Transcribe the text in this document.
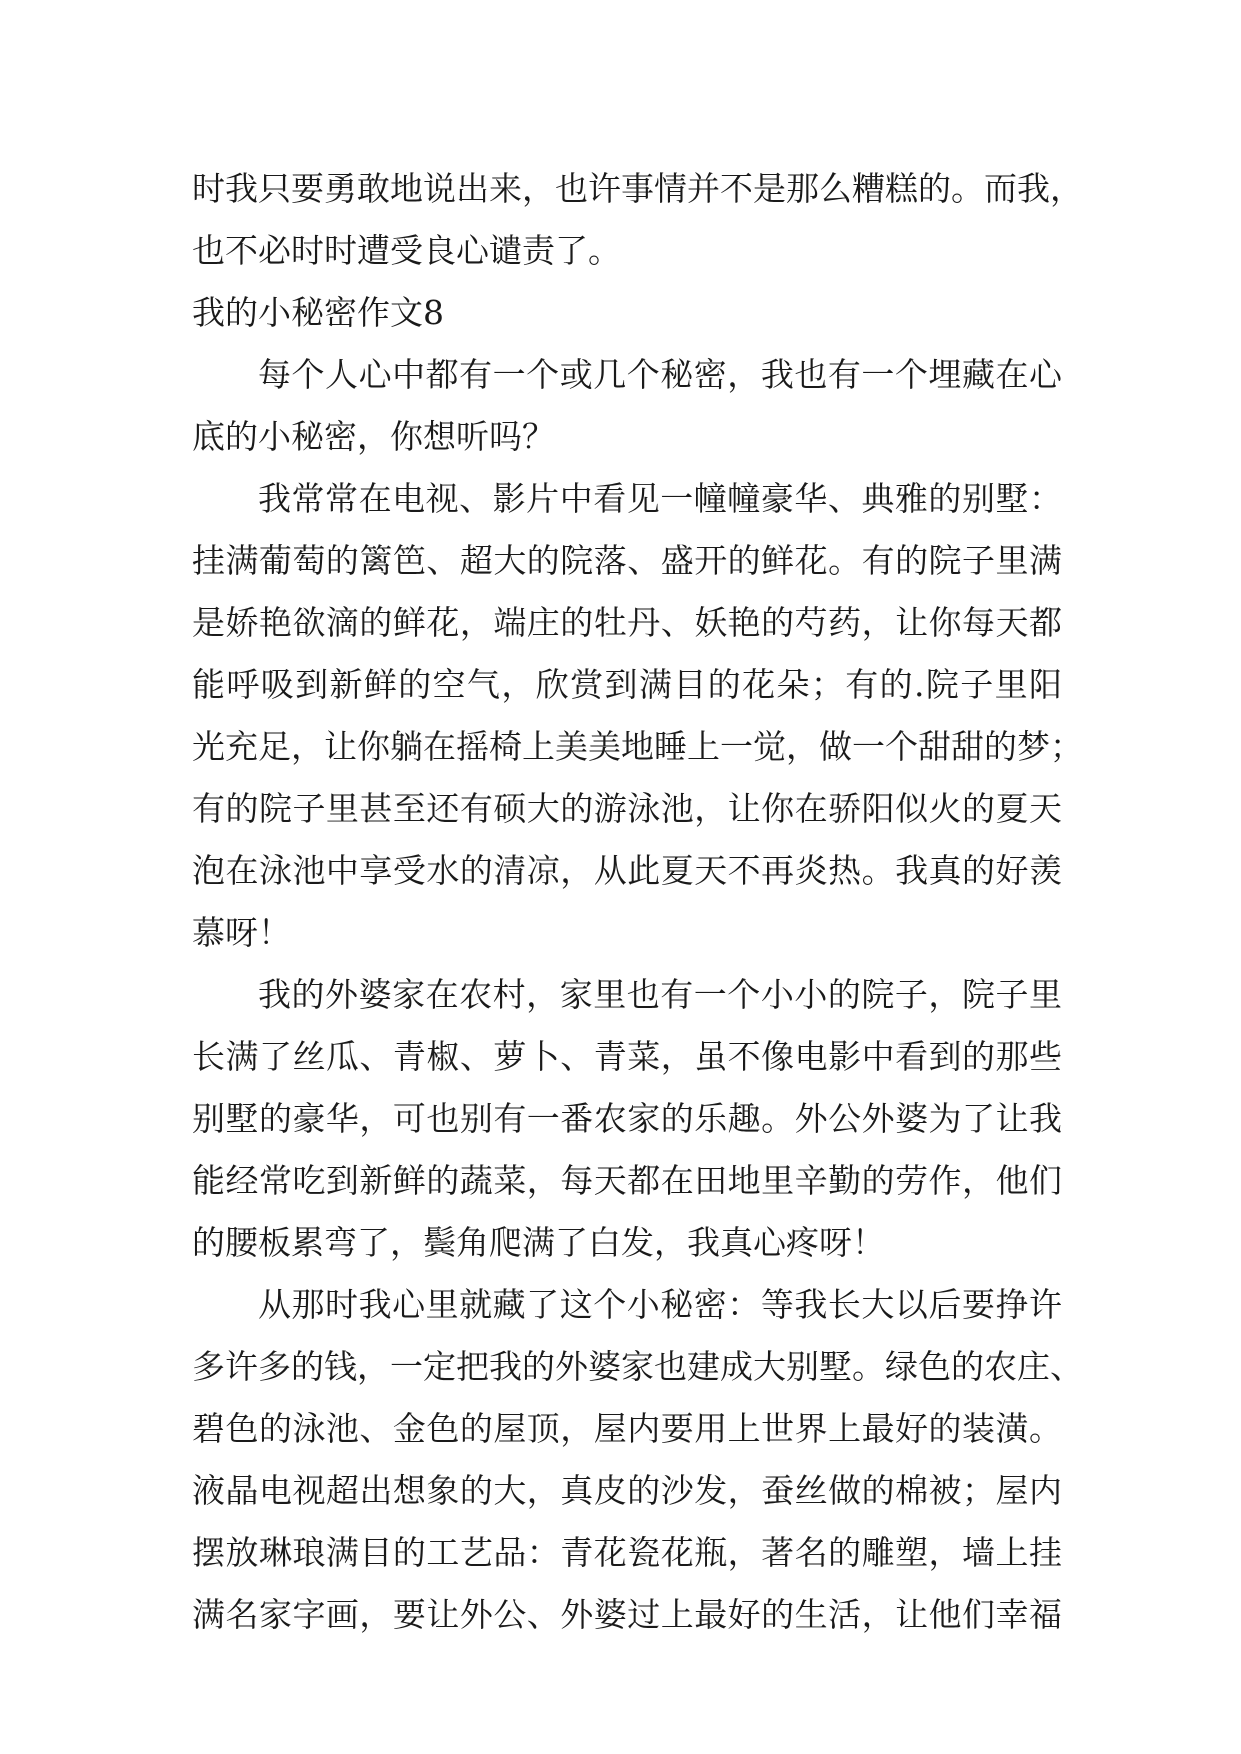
时我只要勇敢地说出来，也许事情并不是那么糟糕的。而我，
也不必时时遭受良心谴责了。
我的小秘密作文8
每个人心中都有一个或几个秘密，我也有一个埋藏在心
底的小秘密，你想听吗？
我常常在电视、影片中看见一幢幢豪华、典雅的别墅：
挂满葡萄的篱笆、超大的院落、盛开的鲜花。有的院子里满
是娇艳欲滴的鲜花，端庄的牡丹、妖艳的芍药，让你每天都
能呼吸到新鲜的空气，欣赏到满目的花朵；有的.院子里阳
光充足，让你躺在摇椅上美美地睡上一觉，做一个甜甜的梦；
有的院子里甚至还有硕大的游泳池，让你在骄阳似火的夏天
泡在泳池中享受水的清凉，从此夏天不再炎热。我真的好羡
慕呀！
我的外婆家在农村，家里也有一个小小的院子，院子里
长满了丝瓜、青椒、萝卜、青菜，虽不像电影中看到的那些
别墅的豪华，可也别有一番农家的乐趣。外公外婆为了让我
能经常吃到新鲜的蔬菜，每天都在田地里辛勤的劳作，他们
的腰板累弯了，鬓角爬满了白发，我真心疼呀！
从那时我心里就藏了这个小秘密：等我长大以后要挣许
多许多的钱，一定把我的外婆家也建成大别墅。绿色的农庄、
碧色的泳池、金色的屋顶，屋内要用上世界上最好的装潢。
液晶电视超出想象的大，真皮的沙发，蚕丝做的棉被；屋内
摆放琳琅满目的工艺品：青花瓷花瓶，著名的雕塑，墙上挂
满名家字画，要让外公、外婆过上最好的生活，让他们幸福
